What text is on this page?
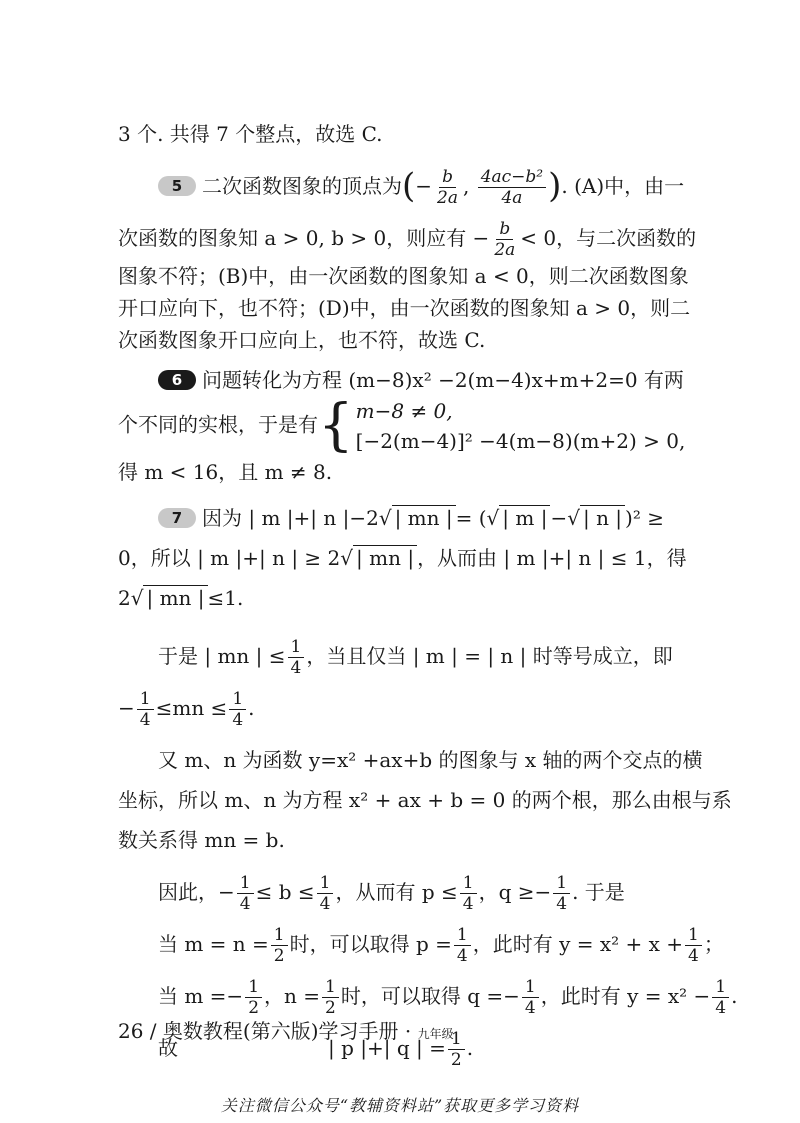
3 个. 共得 7 个整点，故选 C.

5 二次函数图象的顶点为(− $\frac{b}{2a}$ , $\frac{\text{4ac−b²}}{4a}$ ). (A)中，由一

次函数的图象知 a > 0, b > 0，则应有 − $\frac{b}{2a} < 0$，与二次函数的

图象不符；(B)中，由一次函数的图象知 a < 0，则二次函数图象

开口应向下，也不符；(D)中，由一次函数的图象知 a > 0，则二

次函数图象开口应向上，也不符，故选 C.

6 问题转化为方程 (m−8)x² −2(m−4)x+m+2=0 有两

个不同的实根，于是有 { m−8 ≠ 0,
[−2(m−4)]² −4(m−8)(m+2) > 0,

得 m < 16，且 m ≠ 8.

7 因为 | m |+| n |−2√ | mn | = (√ | m | −√ | n | )² ≥

0，所以 | m |+| n | ≥ 2√ | mn | ，从而由 | m |+| n | ≤ 1，得

2√ | mn | ≤1.

于是 | mn | ≤ $\frac{1}{4}$ ，当且仅当 | m | = | n | 时等号成立，即

− $\frac{1}{4} \le mn \le \frac{1}{4}$ .

又 m、n 为函数 y=x² +ax+b 的图象与 x 轴的两个交点的横

坐标，所以 m、n 为方程 x² + ax + b = 0 的两个根，那么由根与系

数关系得 mn = b.

因此，− $\frac{1}{4} \le b \le \frac{1}{4}$ ，从而有 $p \le \frac{1}{4}$ ，$q \ge- \frac{1}{4}$ . 于是

当 $m = n = \frac{1}{2}$ 时，可以取得 $p = \frac{1}{4}$ ，此时有 $y = x^2 + x + \frac{1}{4}$ ；

当 $m =- \frac{1}{2}$ ，$n = \frac{1}{2}$ 时，可以取得 $q =- \frac{1}{4}$ ，此时有 $y = x^2 - \frac{1}{4}$ .

故	| p |+| q | = $\frac{1}{2}$ .

26 / 奥数教程(第六版)学习手册 · 九年级
关注微信公众号“教辅资料站”获取更多学习资料
